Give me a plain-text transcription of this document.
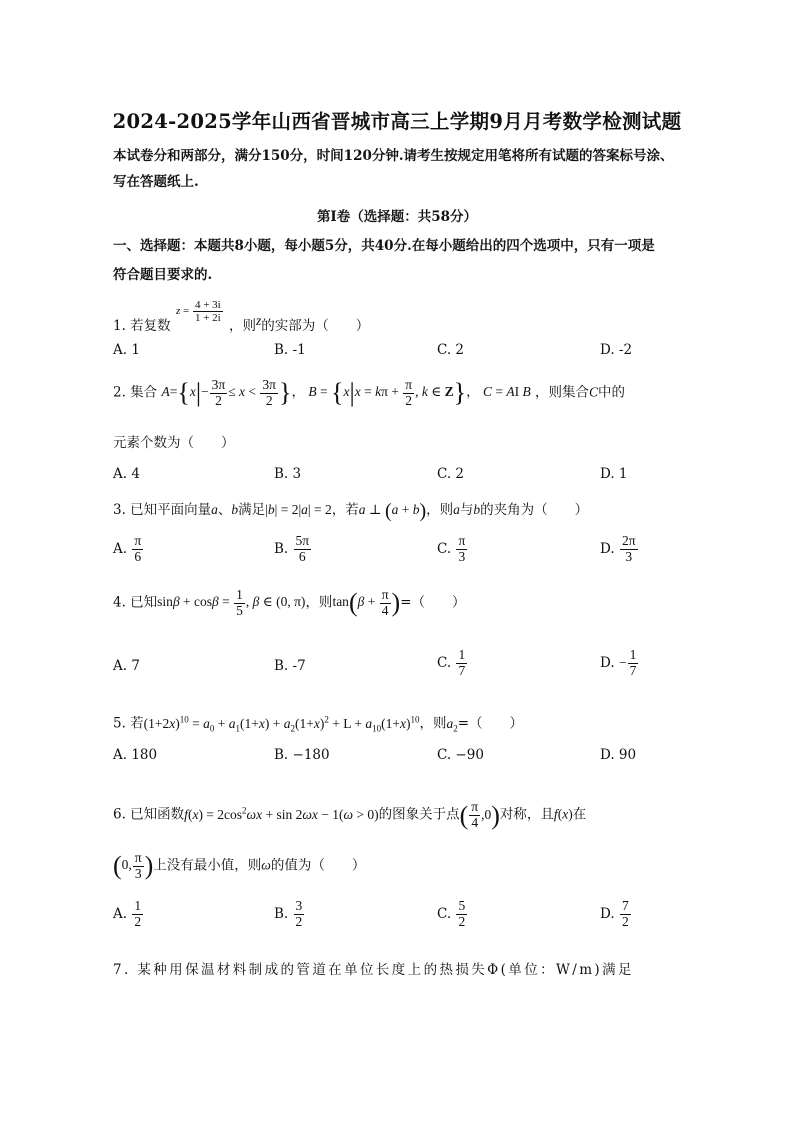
2024-2025学年山西省晋城市高三上学期9月月考数学检测试题
本试卷分和两部分，满分150分，时间120分钟.请考生按规定用笔将所有试题的答案标号涂、
写在答题纸上.
第I卷（选择题：共58分）
一、选择题：本题共8小题，每小题5分，共40分.在每小题给出的四个选项中，只有一项是
符合题目要求的.
1. 若复数 $z = \frac{4 + 3i}{1 + 2i}$
，则z的实部为（　　）
A. 1	B. -1	C. 2	D. -2
2. 集合 $A=\{x|- \frac{3\pi}{2} \le x < \frac{3\pi}{2}$ }， $B = \{x|x = k\pi + \frac{\pi}{2}$ , k ∈ Z}， C = AI B ，则集合C中的
元素个数为（　　）
A. 4	B. 3	C. 2	D. 1
3. 已知平面向量a、b满足|b| = 2|a| = 2，若a ⊥ (a + b)，则a与b的夹角为（　　）
A. $\frac{\pi}{6}$	B. $\frac{5\pi}{6}$	C. $\frac{\pi}{3}$	D. $\frac{2\pi}{3}$
4. 已知$\sin\beta + \cos\beta = \frac{1}{5}$ , β ∈ (0, π)，则$\tan(\beta + \frac{\pi}{4}$ )=（　　）
A. 7	B. -7	C. $\frac{1}{7}$	D. − $\frac{1}{7}$
5. 若$(1+2x)^{10} = a_0 + a_1(1+x) + a_2(1+x)^2 + L + a_{10}(1+x)^{10}$，则$a_2=$（　　）
A. 180	B. −180	C. −90	D. 90
6. 已知函数$f(x) = 2\cos^2\omega x + \sin 2\omega x - 1(\omega > 0)$的图象关于点( $\frac{\pi}{4} ,0$)对称，且f(x)在
(0, $\frac{\pi}{3}$ )上没有最小值，则ω的值为（　　）
A. $\frac{1}{2}$	B. $\frac{3}{2}$	C. $\frac{5}{2}$	D. $\frac{7}{2}$
7. 某种用保温材料制成的管道在单位长度上的热损失Φ(单位：W/m)满足
